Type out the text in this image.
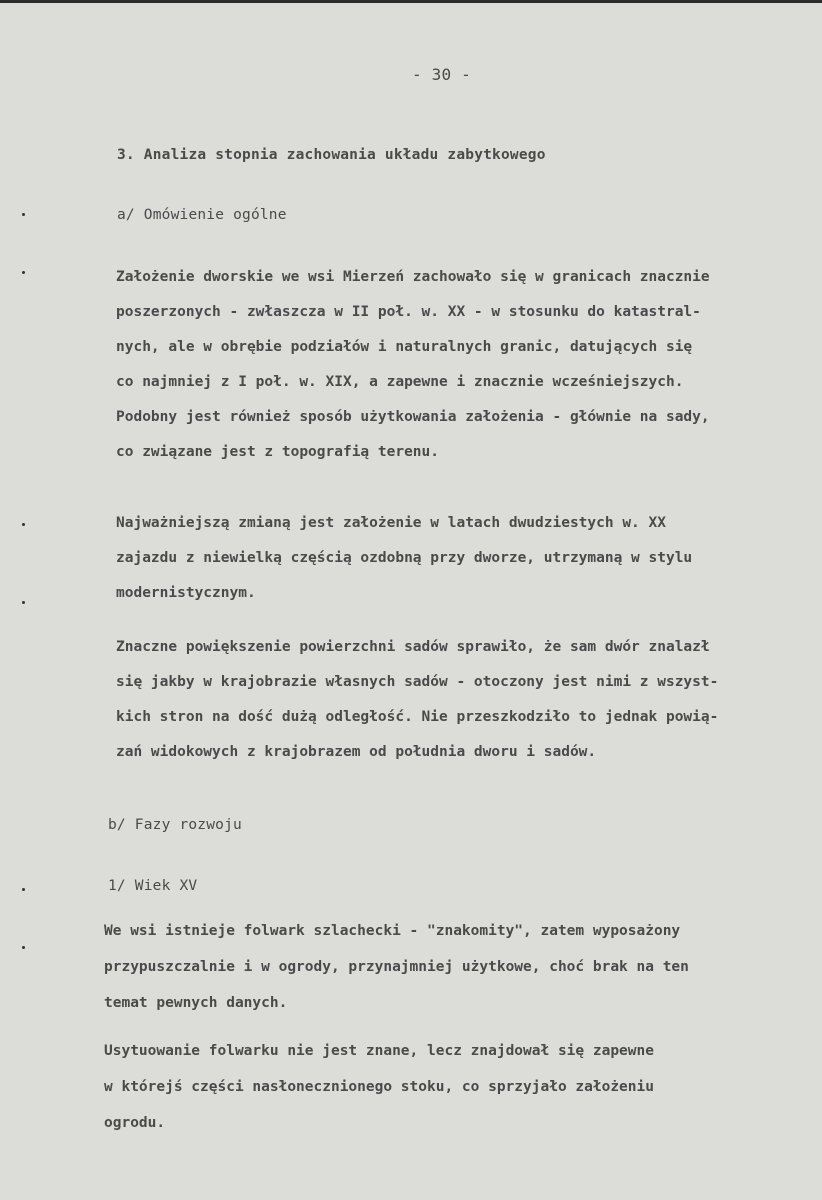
- 30 -
3. Analiza stopnia zachowania układu zabytkowego
a/ Omówienie ogólne
Założenie dworskie we wsi Mierzeń zachowało się w granicach znacznie
poszerzonych - zwłaszcza w II poł. w. XX - w stosunku do katastral-
nych, ale w obrębie podziałów i naturalnych granic, datujących się
co najmniej z I poł. w. XIX, a zapewne i znacznie wcześniejszych.
Podobny jest również sposób użytkowania założenia - głównie na sady,
co związane jest z topografią terenu.
Najważniejszą zmianą jest założenie w latach dwudziestych w. XX
zajazdu z niewielką częścią ozdobną przy dworze, utrzymaną w stylu
modernistycznym.
Znaczne powiększenie powierzchni sadów sprawiło, że sam dwór znalazł
się jakby w krajobrazie własnych sadów - otoczony jest nimi z wszyst-
kich stron na dość dużą odległość. Nie przeszkodziło to jednak powią-
zań widokowych z krajobrazem od południa dworu i sadów.
b/ Fazy rozwoju
1/ Wiek XV
We wsi istnieje folwark szlachecki - "znakomity", zatem wyposażony
przypuszczalnie i w ogrody, przynajmniej użytkowe, choć brak na ten
temat pewnych danych.
Usytuowanie folwarku nie jest znane, lecz znajdował się zapewne
w którejś części nasłonecznionego stoku, co sprzyjało założeniu
ogrodu.
